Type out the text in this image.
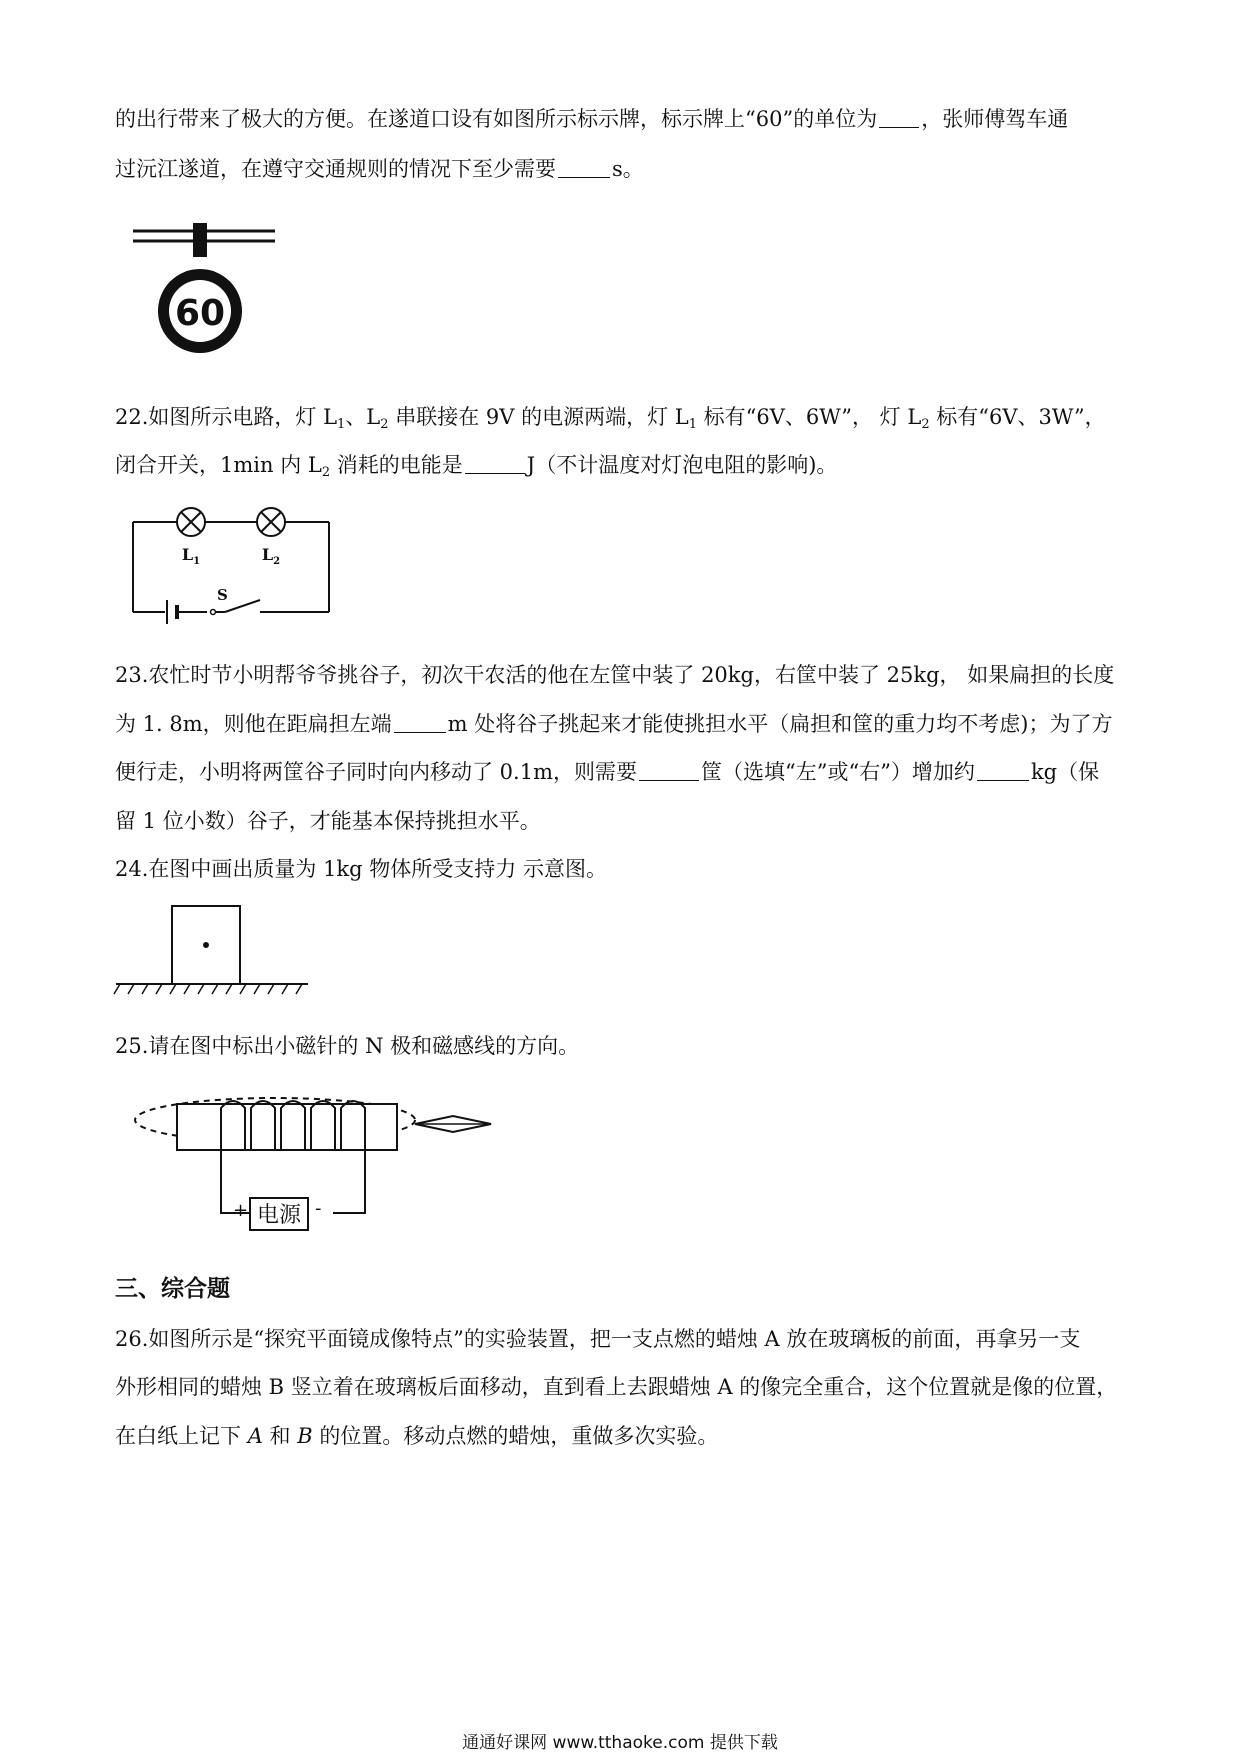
的出行带来了极大的方便。在遂道口设有如图所示标示牌，标示牌上“60”的单位为 ，张师傅驾车通
过沅江遂道，在遵守交通规则的情况下至少需要	s。
60
22.如图所示电路，灯 $L_1$、$L_2$ 串联接在 9V 的电源两端，灯 $L_1$ 标有“6V、6W”， 灯 $L_2$ 标有“6V、3W”，
闭合开关，1min 内 $L_2$ 消耗的电能是	J（不计温度对灯泡电阻的影响)。
$L_1$	$L_2$
S
23.农忙时节小明帮爷爷挑谷子，初次干农活的他在左筐中装了 20kg，右筐中装了 25kg， 如果扁担的长度
为 1. 8m，则他在距扁担左端	m 处将谷子挑起来才能使挑担水平（扁担和筐的重力均不考虑)；为了方
便行走，小明将两筐谷子同时向内移动了 0.1m，则需要	筐（选填“左”或“右”）增加约	kg（保
留 1 位小数）谷子，才能基本保持挑担水平。
24.在图中画出质量为 1kg 物体所受支持力 示意图。
25.请在图中标出小磁针的 N 极和磁感线的方向。
电源
+	-
三、综合题
26.如图所示是“探究平面镜成像特点”的实验装置，把一支点燃的蜡烛 A 放在玻璃板的前面，再拿另一支
外形相同的蜡烛 B 竖立着在玻璃板后面移动，直到看上去跟蜡烛 A 的像完全重合，这个位置就是像的位置，
在白纸上记下 A 和 B 的位置。移动点燃的蜡烛，重做多次实验。
通通好课网 www.tthaoke.com 提供下载
